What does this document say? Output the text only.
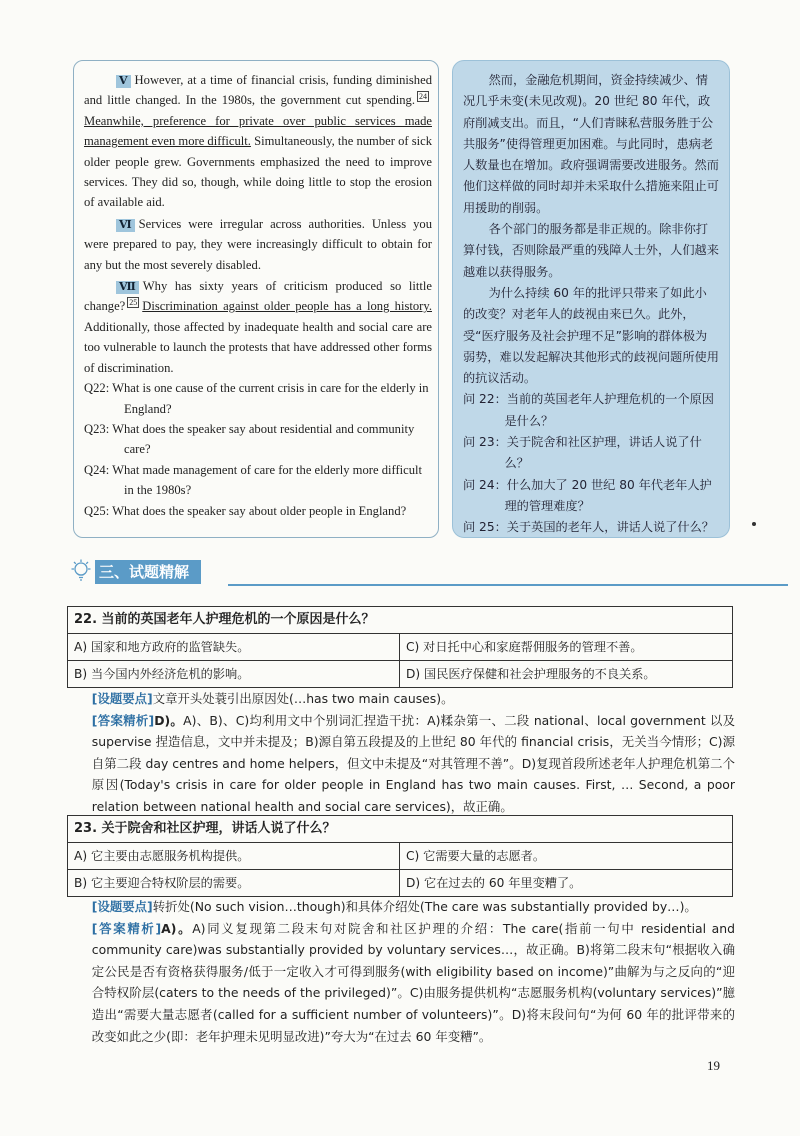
Ⅴ However, at a time of financial crisis, funding diminished and little changed. In the 1980s, the government cut spending. 24Meanwhile, preference for private over public services made management even more difficult. Simultaneously, the number of sick older people grew. Governments emphasized the need to improve services. They did so, though, while doing little to stop the erosion of available aid.

Ⅵ Services were irregular across authorities. Unless you were prepared to pay, they were increasingly difficult to obtain for any but the most severely disabled.

Ⅶ Why has sixty years of criticism produced so little change? 25 Discrimination against older people has a long history. Additionally, those affected by inadequate health and social care are too vulnerable to launch the protests that have addressed other forms of discrimination.

Q22: What is one cause of the current crisis in care for the elderly in England?

Q23: What does the speaker say about residential and community care?

Q24: What made management of care for the elderly more difficult in the 1980s?

Q25: What does the speaker say about older people in England?

然而，金融危机期间，资金持续减少、情况几乎未变(未见改观)。20 世纪 80 年代，政府削减支出。而且，“人们青睐私营服务胜于公共服务”使得管理更加困难。与此同时，患病老人数量也在增加。政府强调需要改进服务。然而他们这样做的同时却并未采取什么措施来阻止可用援助的削弱。

各个部门的服务都是非正规的。除非你打算付钱，否则除最严重的残障人士外，人们越来越难以获得服务。

为什么持续 60 年的批评只带来了如此小的改变？对老年人的歧视由来已久。此外，受“医疗服务及社会护理不足”影响的群体极为弱势，难以发起解决其他形式的歧视问题所使用的抗议活动。

问 22：当前的英国老年人护理危机的一个原因是什么？

问 23：关于院舍和社区护理，讲话人说了什么？

问 24：什么加大了 20 世纪 80 年代老年人护理的管理难度？

问 25：关于英国的老年人，讲话人说了什么？

三、试题精解
22. 当前的英国老年人护理危机的一个原因是什么？
A) 国家和地方政府的监管缺失。	C) 对日托中心和家庭帮佣服务的管理不善。
B) 当今国内外经济危机的影响。	D) 国民医疗保健和社会护理服务的不良关系。

[设题要点]文章开头处蓑引出原因处(…has two main causes)。

[答案精析]D)。A)、B)、C)均利用文中个别词汇捏造干扰：A)糅杂第一、二段 national、local government 以及 supervise 捏造信息，文中并未提及；B)源自第五段提及的上世纪 80 年代的 financial crisis，无关当今情形；C)源自第二段 day centres and home helpers，但文中未提及“对其管理不善”。D)复现首段所述老年人护理危机第二个原因(Today's crisis in care for older people in England has two main causes. First, … Second, a poor relation between national health and social care services)，故正确。

23. 关于院舍和社区护理，讲话人说了什么？
A) 它主要由志愿服务机构提供。	C) 它需要大量的志愿者。
B) 它主要迎合特权阶层的需要。	D) 它在过去的 60 年里变糟了。

[设题要点]转折处(No such vision…though)和具体介绍处(The care was substantially provided by…)。

[答案精析]A)。A)同义复现第二段末句对院舍和社区护理的介绍：The care(指前一句中 residential and community care)was substantially provided by voluntary services…，故正确。B)将第二段末句“根据收入确定公民是否有资格获得服务/低于一定收入才可得到服务(with eligibility based on income)”曲解为与之反向的“迎合特权阶层(caters to the needs of the privileged)”。C)由服务提供机构“志愿服务机构(voluntary services)”臆造出“需要大量志愿者(called for a sufficient number of volunteers)”。D)将末段问句“为何 60 年的批评带来的改变如此之少(即：老年护理未见明显改进)”夸大为“在过去 60 年变糟”。

19
